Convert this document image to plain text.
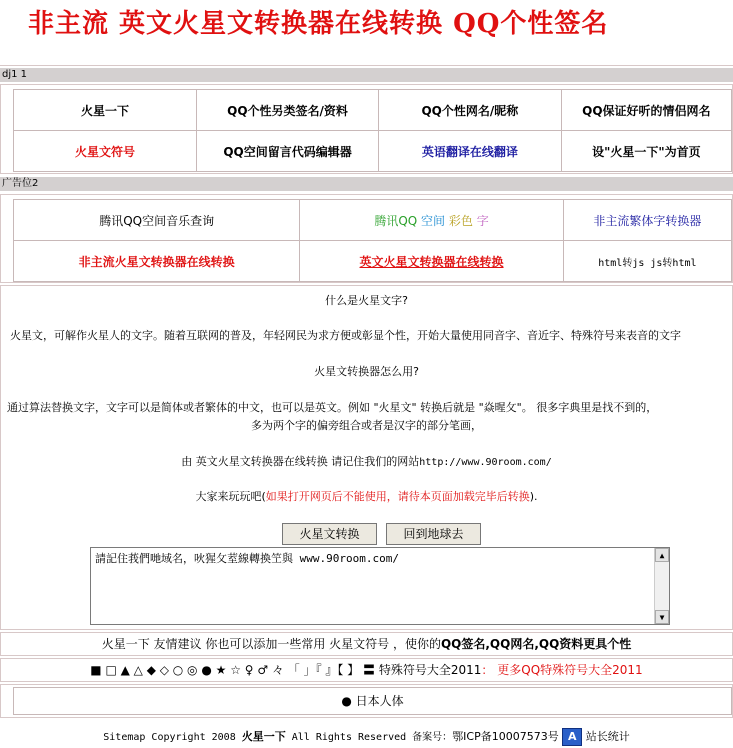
非主流 英文火星文转换器在线转换 QQ个性签名
dj1 1
火星一下	QQ个性另类签名/资料	QQ个性网名/昵称	QQ保证好听的情侣网名
火星文符号	QQ空间留言代码编辑器	英语翻译在线翻译	设"火星一下"为首页
广告位2
腾讯QQ空间音乐查询	腾讯QQ 空间 彩色 字	非主流繁体字转换器
非主流火星文转换器在线转换	英文火星文转换器在线转换	html转js js转html

什么是火星文字?

火星文，可解作火星人的文字。随着互联网的普及，年轻网民为求方便或彰显个性，开始大量使用同音字、音近字、特殊符号来表音的文字

火星文转换器怎么用?

通过算法替换文字，文字可以是简体或者繁体的中文，也可以是英文。例如 "火星文" 转换后就是 "焱暒攵"。 很多字典里是找不到的，

多为两个字的偏旁组合或者是汉字的部分笔画，

由 英文火星文转换器在线转换 请记住我们的网站http://www.90room.com/

大家来玩玩吧(如果打开网页后不能使用，请待本页面加载完毕后转换).

火星文转换	回到地球去
請記住莪們哋域名，吙猩攵荎線轉換笁與 www.90room.com/	▲
▼
火星一下 友情建议 你也可以添加一些常用 火星文符号 ，使你的QQ签名,QQ网名,QQ资料更具个性
■ □ ▲ △ ◆ ◇ ○ ◎ ● ★ ☆ ♀ ♂ 々 「 」『 』【 】 〓 特殊符号大全2011： 更多QQ特殊符号大全2011
● 日本人体
Sitemap Copyright 2008 火星一下 All Rights Reserved 备案号：鄂ICP备10007573号 A 站长统计
